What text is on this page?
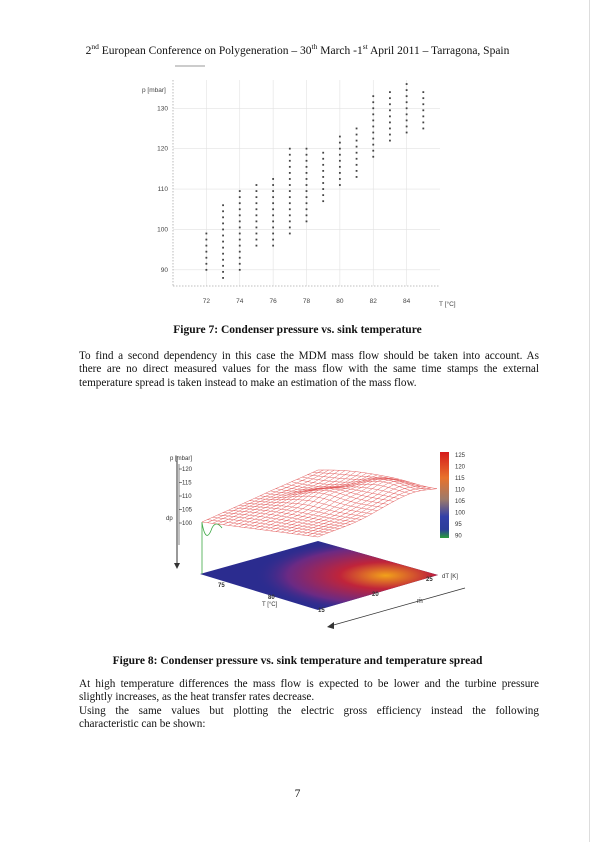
2nd European Conference on Polygeneration – 30th March -1st April 2011 – Tarragona, Spain
90
100
110
120
130
72	74	76	78	80	82	84
p [mbar]
T [°C]
Figure 7: Condenser pressure vs. sink temperature
To find a second dependency in this case the MDM mass flow should be taken into account. As
there are no direct measured values for the mass flow with the same time stamps the external
temperature spread is taken instead to make an estimation of the mass flow.
p [mbar]
dp
120
115
110
105
100
75
80
15
20
25
T [°C]
dT [K]
ṁ
125
120
115
110
105
100
95
90
Figure 8: Condenser pressure vs. sink temperature and temperature spread
At high temperature differences the mass flow is expected to be lower and the turbine pressure
slightly increases, as the heat transfer rates decrease.
Using the same values but plotting the electric gross efficiency instead the following
characteristic can be shown:
7
